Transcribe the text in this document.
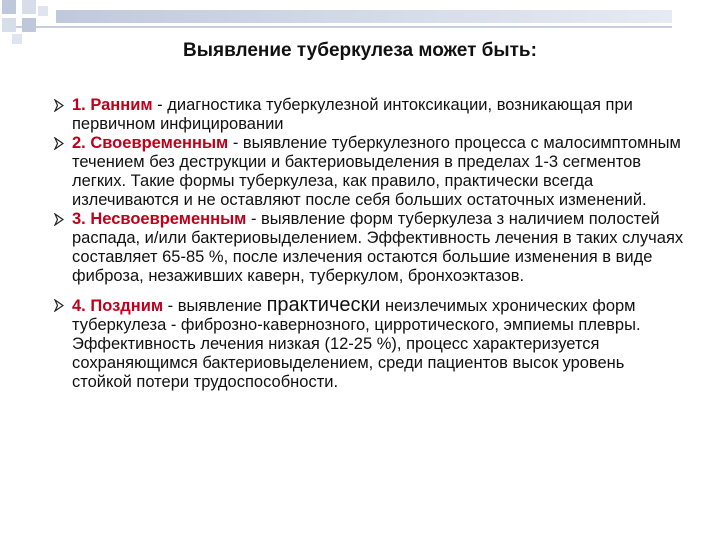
Выявление туберкулеза может быть:
1. Ранним - диагностика туберкулезной интоксикации, возникающая при первичном инфицировании
2. Своевременным - выявление туберкулезного процесса с малосимптомным течением без деструкции и бактериовыделения в пределах 1-3 сегментов легких. Такие формы туберкулеза, как правило, практически всегда излечиваются и не оставляют после себя больших остаточных изменений.
3. Несвоевременным - выявление форм туберкулеза з наличием полостей распада, и/или бактериовыделением. Эффективность лечения в таких случаях составляет 65-85 %, после излечения остаются большие изменения в виде фиброза, незаживших каверн, туберкулом, бронхоэктазов.
4. Поздним - выявление практически неизлечимых хронических форм туберкулеза - фиброзно-кавернозного, цирротического, эмпиемы плевры. Эффективность лечения низкая (12-25 %), процесс характеризуется сохраняющимся бактериовыделением, среди пациентов высок уровень стойкой потери трудоспособности.
